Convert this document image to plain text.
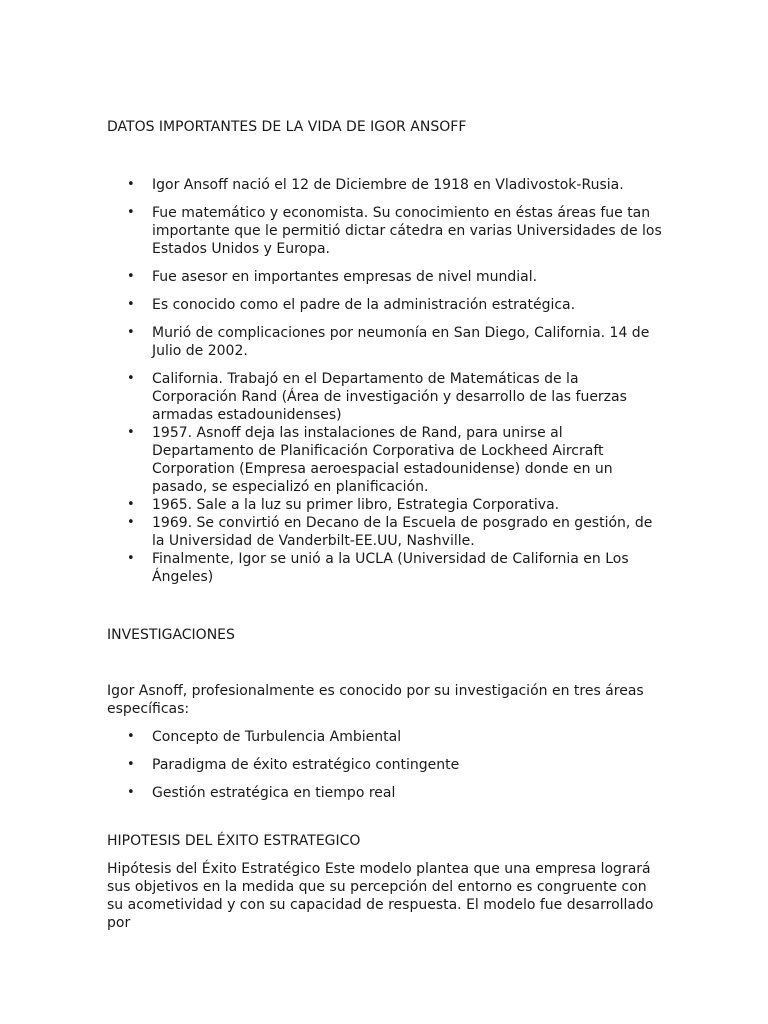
DATOS IMPORTANTES DE LA VIDA DE IGOR ANSOFF
• Igor Ansoff nació el 12 de Diciembre de 1918 en Vladivostok-Rusia.
• Fue matemático y economista. Su conocimiento en éstas áreas fue tan importante que le permitió dictar cátedra en varias Universidades de los Estados Unidos y Europa.
• Fue asesor en importantes empresas de nivel mundial.
• Es conocido como el padre de la administración estratégica.
• Murió de complicaciones por neumonía en San Diego, California. 14 de Julio de 2002.
• California. Trabajó en el Departamento de Matemáticas de la Corporación Rand (Área de investigación y desarrollo de las fuerzas armadas estadounidenses)
• 1957. Asnoff deja las instalaciones de Rand, para unirse al Departamento de Planificación Corporativa de Lockheed Aircraft Corporation (Empresa aeroespacial estadounidense) donde en un pasado, se especializó en planificación.
• 1965. Sale a la luz su primer libro, Estrategia Corporativa.
• 1969. Se convirtió en Decano de la Escuela de posgrado en gestión, de la Universidad de Vanderbilt-EE.UU, Nashville.
• Finalmente, Igor se unió a la UCLA (Universidad de California en Los Ángeles)
INVESTIGACIONES

Igor Asnoff, profesionalmente es conocido por su investigación en tres áreas específicas:

• Concepto de Turbulencia Ambiental
• Paradigma de éxito estratégico contingente
• Gestión estratégica en tiempo real
HIPOTESIS DEL ÉXITO ESTRATEGICO

Hipótesis del Éxito Estratégico Este modelo plantea que una empresa logrará sus objetivos en la medida que su percepción del entorno es congruente con su acometividad y con su capacidad de respuesta. El modelo fue desarrollado por
